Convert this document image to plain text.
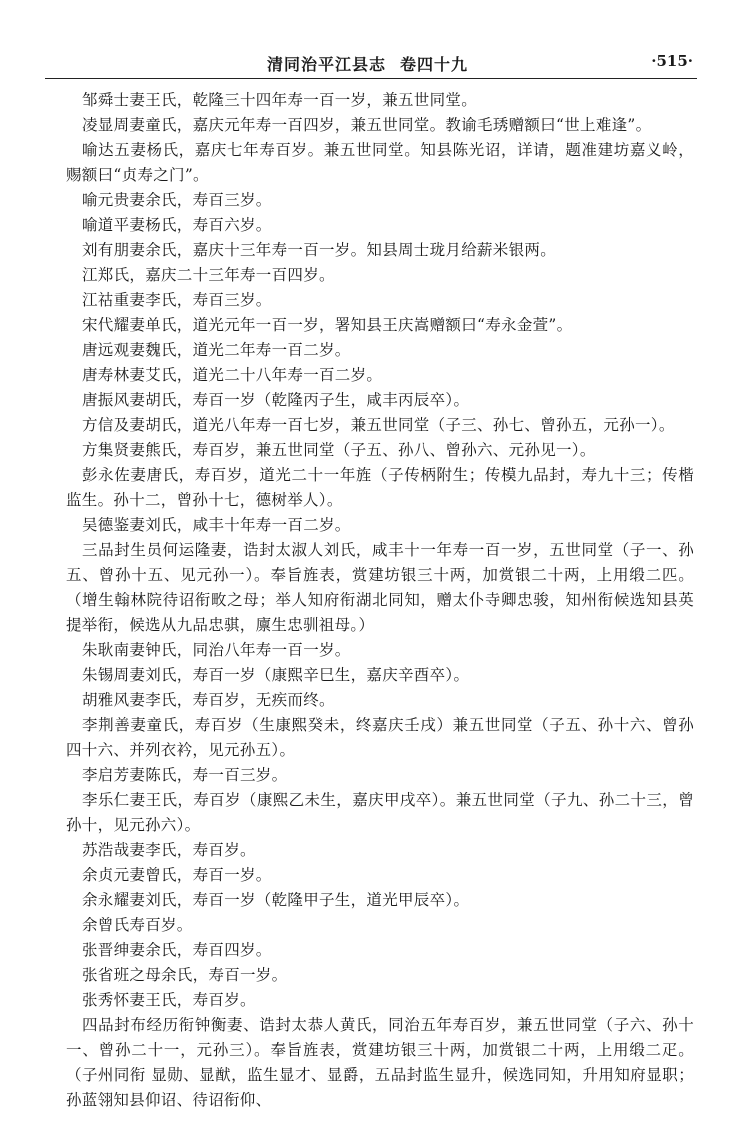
清同治平江县志 卷四十九	·515·

邹舜士妻王氏，乾隆三十四年寿一百一岁，兼五世同堂。

凌显周妻童氏，嘉庆元年寿一百四岁，兼五世同堂。教谕毛琇赠额曰“世上难逢”。

喻达五妻杨氏，嘉庆七年寿百岁。兼五世同堂。知县陈光诏，详请，题准建坊嘉义岭，赐额曰“贞寿之门”。

喻元贵妻余氏，寿百三岁。

喻道平妻杨氏，寿百六岁。

刘有朋妻余氏，嘉庆十三年寿一百一岁。知县周士珑月给薪米银两。

江郑氏，嘉庆二十三年寿一百四岁。

江祜重妻李氏，寿百三岁。

宋代耀妻单氏，道光元年一百一岁，署知县王庆嵩赠额曰“寿永金萱”。

唐远观妻魏氏，道光二年寿一百二岁。

唐寿林妻艾氏，道光二十八年寿一百二岁。

唐振风妻胡氏，寿百一岁（乾隆丙子生，咸丰丙辰卒）。

方信及妻胡氏，道光八年寿一百七岁，兼五世同堂（子三、孙七、曾孙五，元孙一）。

方集贤妻熊氏，寿百岁，兼五世同堂（子五、孙八、曾孙六、元孙见一）。

彭永佐妻唐氏，寿百岁，道光二十一年旌（子传柄附生；传模九品封，寿九十三；传楷监生。孙十二，曾孙十七，德树举人）。

吴德鉴妻刘氏，咸丰十年寿一百二岁。

三品封生员何运隆妻，诰封太淑人刘氏，咸丰十一年寿一百一岁，五世同堂（子一、孙五、曾孙十五、见元孙一）。奉旨旌表，赏建坊银三十两，加赏银二十两，上用缎二匹。（增生翰林院待诏衔畋之母；举人知府衔湖北同知，赠太仆寺卿忠骏，知州衔候选知县英提举衔，候选从九品忠骐，廪生忠驯祖母。）

朱耿南妻钟氏，同治八年寿一百一岁。

朱锡周妻刘氏，寿百一岁（康熙辛巳生，嘉庆辛酉卒）。

胡雅风妻李氏，寿百岁，无疾而终。

李荆善妻童氏，寿百岁（生康熙癸未，终嘉庆壬戌）兼五世同堂（子五、孙十六、曾孙四十六、并列衣衿，见元孙五）。

李启芳妻陈氏，寿一百三岁。

李乐仁妻王氏，寿百岁（康熙乙未生，嘉庆甲戌卒）。兼五世同堂（子九、孙二十三，曾孙十，见元孙六）。

苏浩哉妻李氏，寿百岁。

余贞元妻曾氏，寿百一岁。

余永耀妻刘氏，寿百一岁（乾隆甲子生，道光甲辰卒）。

余曾氏寿百岁。

张晋绅妻余氏，寿百四岁。

张省班之母余氏，寿百一岁。

张秀怀妻王氏，寿百岁。

四品封布经历衔钟衡妻、诰封太恭人黄氏，同治五年寿百岁，兼五世同堂（子六、孙十一、曾孙二十一，元孙三）。奉旨旌表，赏建坊银三十两，加赏银二十两，上用缎二疋。（子州同衔 显勋、显猷，监生显才、显爵，五品封监生显升，候选同知，升用知府显职；孙蓝翎知县仰诏、待诏衔仰、
